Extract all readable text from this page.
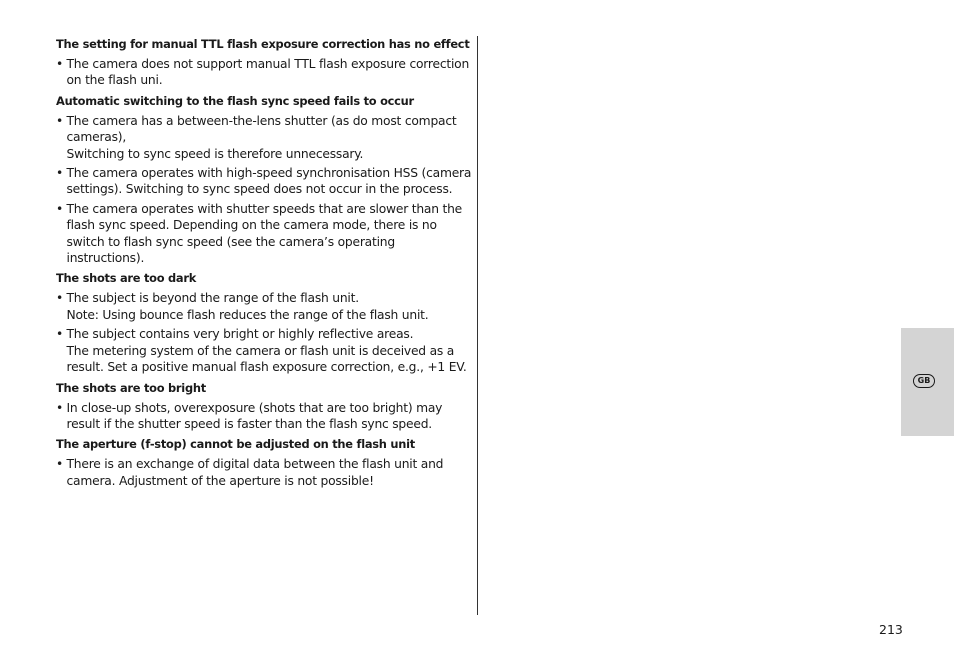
The setting for manual TTL flash exposure correction has no effect
• The camera does not support manual TTL flash exposure correction on the flash uni.
Automatic switching to the flash sync speed fails to occur
• The camera has a between-the-lens shutter (as do most compact cameras),
Switching to sync speed is therefore unnecessary.
• The camera operates with high-speed synchronisation HSS (camera settings). Switching to sync speed does not occur in the process.
• The camera operates with shutter speeds that are slower than the flash sync speed. Depending on the camera mode, there is no switch to flash sync speed (see the camera’s operating instructions).
The shots are too dark
• The subject is beyond the range of the flash unit.
Note: Using bounce flash reduces the range of the flash unit.
• The subject contains very bright or highly reflective areas.
The metering system of the camera or flash unit is deceived as a result. Set a positive manual flash exposure correction, e.g., +1 EV.
The shots are too bright
• In close-up shots, overexposure (shots that are too bright) may result if the shutter speed is faster than the flash sync speed.
The aperture (f-stop) cannot be adjusted on the flash unit
• There is an exchange of digital data between the flash unit and camera. Adjustment of the aperture is not possible!
GB
213
